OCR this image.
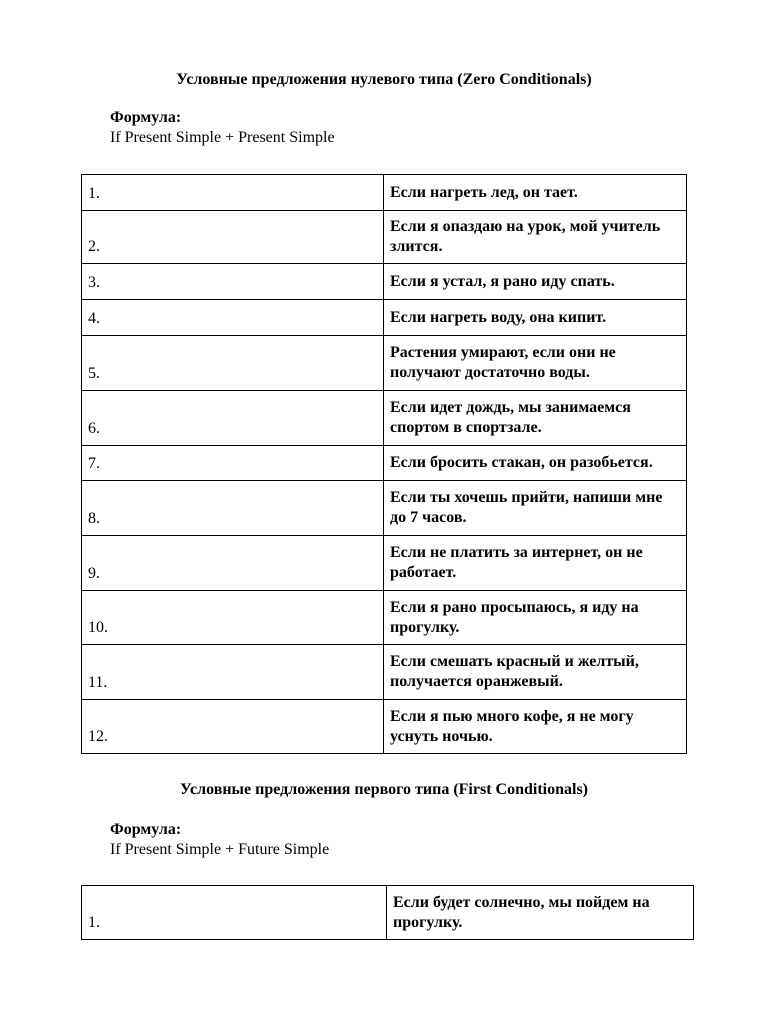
Условные предложения нулевого типа (Zero Conditionals)
Формула:
If Present Simple + Present Simple
1.	Если нагреть лед, он тает.
2.	Если я опаздаю на урок, мой учитель злится.
3.	Если я устал, я рано иду спать.
4.	Если нагреть воду, она кипит.
5.	Растения умирают, если они не получают достаточно воды.
6.	Если идет дождь, мы занимаемся спортом в спортзале.
7.	Если бросить стакан, он разобьется.
8.	Если ты хочешь прийти, напиши мне до 7 часов.
9.	Если не платить за интернет, он не работает.
10.	Если я рано просыпаюсь, я иду на прогулку.
11.	Если смешать красный и желтый, получается оранжевый.
12.	Если я пью много кофе, я не могу уснуть ночью.
Условные предложения первого типа (First Conditionals)
Формула:
If Present Simple + Future Simple
1.	Если будет солнечно, мы пойдем на прогулку.
